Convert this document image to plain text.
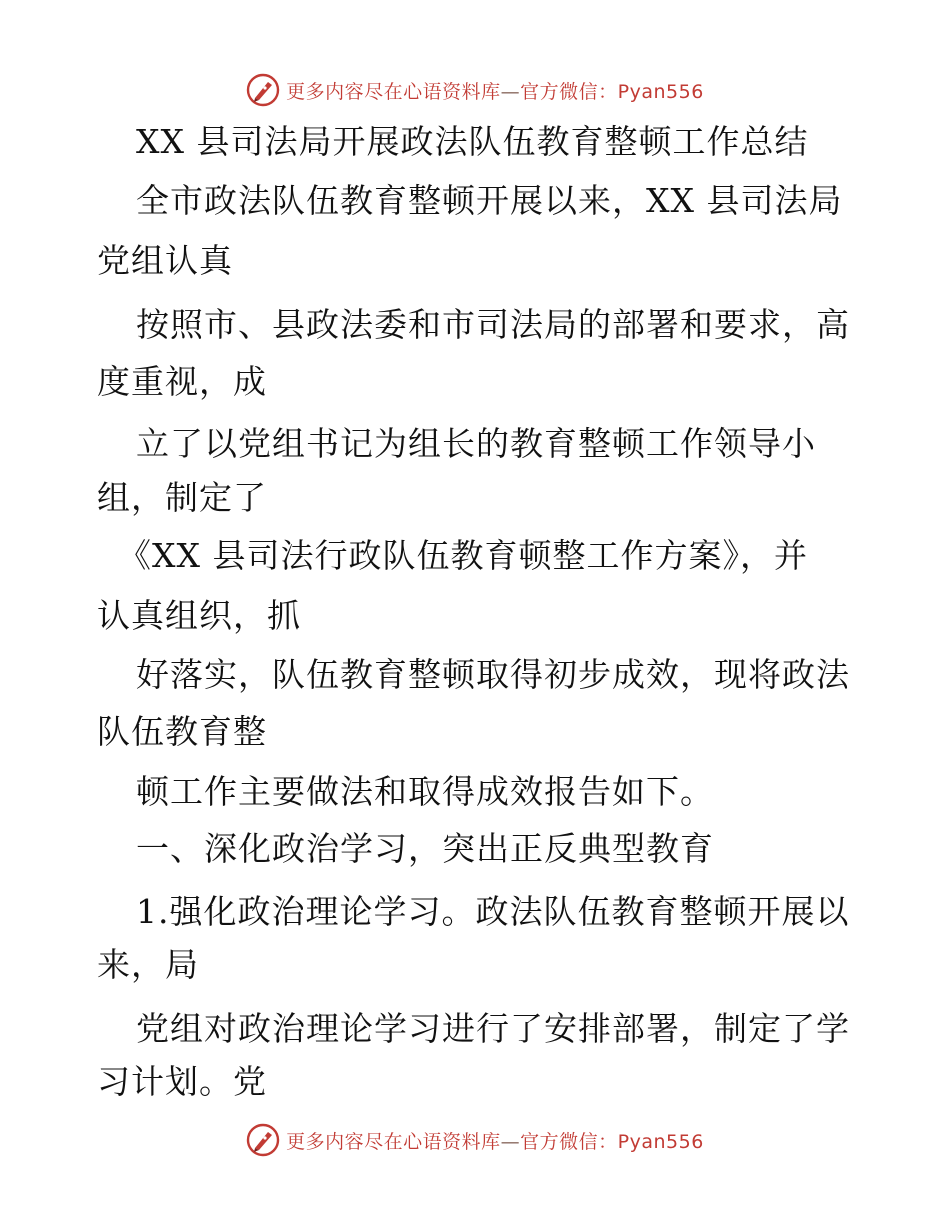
更多内容尽在心语资料库—官方微信：Pyan556
XX 县司法局开展政法队伍教育整顿工作总结
全市政法队伍教育整顿开展以来，XX 县司法局
党组认真
按照市、县政法委和市司法局的部署和要求，高
度重视，成
立了以党组书记为组长的教育整顿工作领导小
组，制定了
《XX 县司法行政队伍教育顿整工作方案》，并
认真组织，抓
好落实，队伍教育整顿取得初步成效，现将政法
队伍教育整
顿工作主要做法和取得成效报告如下。
一、深化政治学习，突出正反典型教育
1.强化政治理论学习。政法队伍教育整顿开展以
来，局
党组对政治理论学习进行了安排部署，制定了学
习计划。党
更多内容尽在心语资料库—官方微信：Pyan556
